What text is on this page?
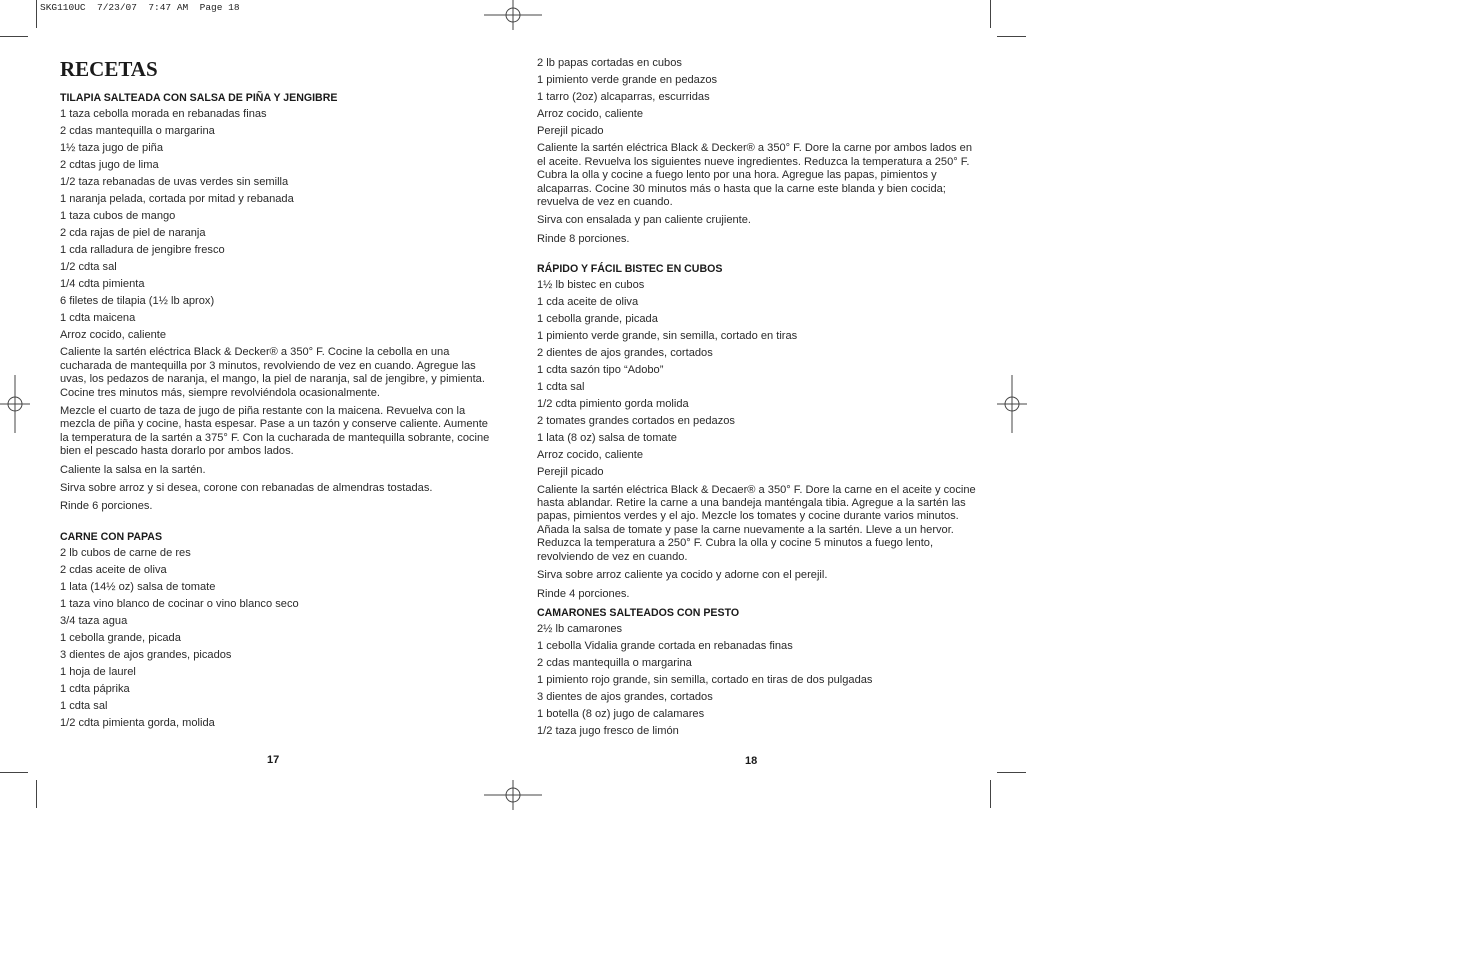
SKG110UC  7/23/07  7:47 AM  Page 18
RECETAS
TILAPIA SALTEADA CON SALSA DE PIÑA Y JENGIBRE
1 taza cebolla morada en rebanadas finas
2 cdas mantequilla o margarina
1½ taza jugo de piña
2 cdtas jugo de lima
1/2 taza rebanadas de uvas verdes sin semilla
1 naranja pelada, cortada por mitad y rebanada
1 taza cubos de mango
2 cda rajas de piel de naranja
1 cda ralladura de jengibre fresco
1/2 cdta sal
1/4 cdta pimienta
6 filetes de tilapia (1½ lb aprox)
1 cdta maicena
Arroz cocido, caliente
Caliente la sartén eléctrica Black & Decker® a 350° F. Cocine la cebolla en una cucharada de mantequilla por 3 minutos, revolviendo de vez en cuando. Agregue las uvas, los pedazos de naranja, el mango, la piel de naranja, sal de jengibre, y pimienta. Cocine tres minutos más, siempre revolviéndola ocasionalmente.
Mezcle el cuarto de taza de jugo de piña restante con la maicena. Revuelva con la mezcla de piña y cocine, hasta espesar. Pase a un tazón y conserve caliente. Aumente la temperatura de la sartén a 375° F. Con la cucharada de mantequilla sobrante, cocine bien el pescado hasta dorarlo por ambos lados.
Caliente la salsa en la sartén.
Sirva sobre arroz y si desea, corone con rebanadas de almendras tostadas.
Rinde 6 porciones.
CARNE CON PAPAS
2 lb cubos de carne de res
2 cdas aceite de oliva
1 lata (14½ oz) salsa de tomate
1 taza vino blanco de cocinar o vino blanco seco
3/4 taza agua
1 cebolla grande, picada
3 dientes de ajos grandes, picados
1 hoja de laurel
1 cdta páprika
1 cdta sal
1/2 cdta pimienta gorda, molida
17
2 lb papas cortadas en cubos
1 pimiento verde grande en pedazos
1 tarro (2oz) alcaparras, escurridas
Arroz cocido, caliente
Perejil picado
Caliente la sartén eléctrica Black & Decker® a 350° F. Dore la carne por ambos lados en el aceite. Revuelva los siguientes nueve ingredientes. Reduzca la temperatura a 250° F. Cubra la olla y cocine a fuego lento por una hora. Agregue las papas, pimientos y alcaparras. Cocine 30 minutos más o hasta que la carne este blanda y bien cocida; revuelva de vez en cuando.
Sirva con ensalada y pan caliente crujiente.
Rinde 8 porciones.
RÁPIDO Y FÁCIL BISTEC EN CUBOS
1½ lb bistec en cubos
1 cda aceite de oliva
1 cebolla grande, picada
1 pimiento verde grande, sin semilla, cortado en tiras
2 dientes de ajos grandes, cortados
1 cdta sazón tipo “Adobo”
1 cdta sal
1/2 cdta pimiento gorda molida
2 tomates grandes cortados en pedazos
1 lata (8 oz) salsa de tomate
Arroz cocido, caliente
Perejil picado
Caliente la sartén eléctrica Black & Decaer® a 350° F. Dore la carne en el aceite y cocine hasta ablandar. Retire la carne a una bandeja manténgala tibia. Agregue a la sartén las papas, pimientos verdes y el ajo. Mezcle los tomates y cocine durante varios minutos. Añada la salsa de tomate y pase la carne nuevamente a la sartén. Lleve a un hervor. Reduzca la temperatura a 250° F. Cubra la olla y cocine 5 minutos a fuego lento, revolviendo de vez en cuando.
Sirva sobre arroz caliente ya cocido y adorne con el perejil.
Rinde 4 porciones.
CAMARONES SALTEADOS CON PESTO
2½ lb camarones
1 cebolla Vidalia grande cortada en rebanadas finas
2 cdas mantequilla o margarina
1 pimiento rojo grande, sin semilla, cortado en tiras de dos pulgadas
3 dientes de ajos grandes, cortados
1 botella (8 oz) jugo de calamares
1/2 taza jugo fresco de limón
18
